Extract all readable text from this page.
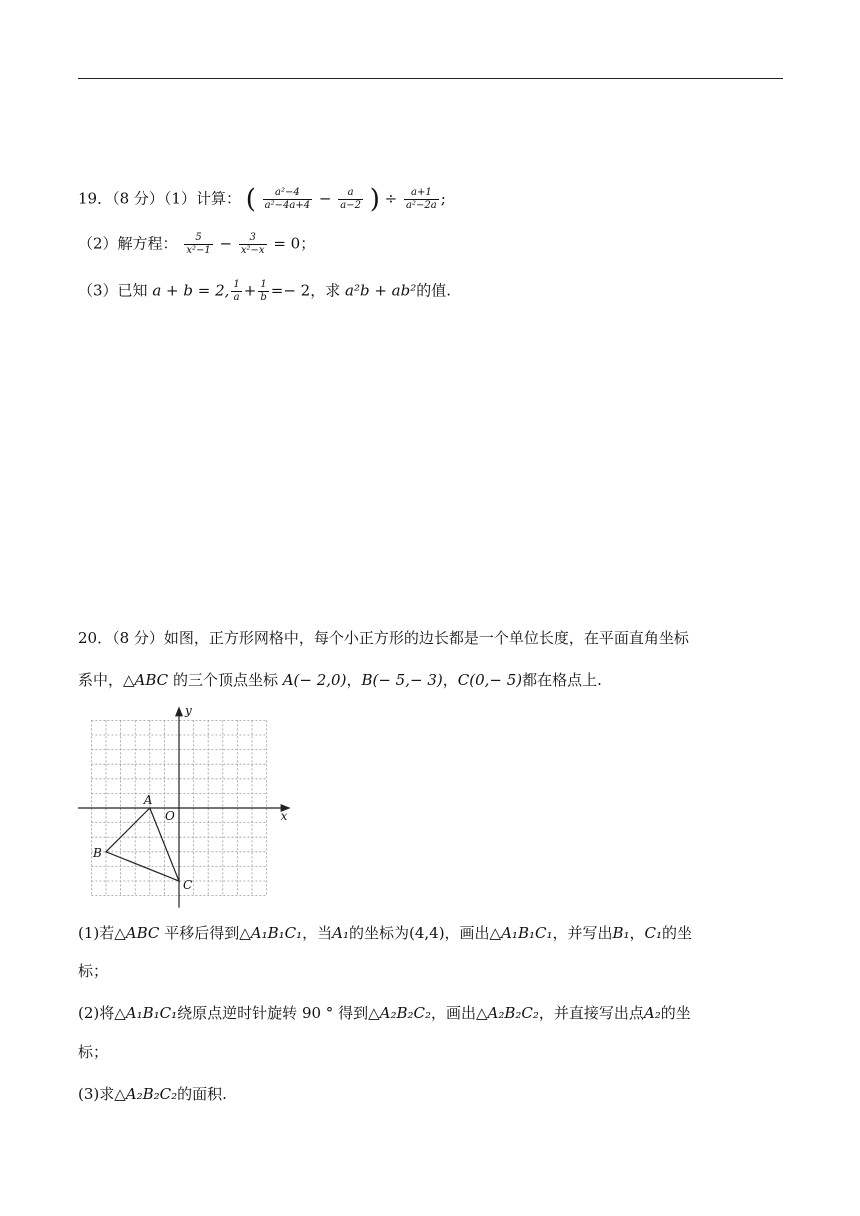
19．（8 分）（1）计算： ( $\frac{\text{a²−4}}{\text{a²−4a+4}} - \frac{a}{a-2}$ ) ÷ $\frac{a+1}{\text{a²−2a}}$ ;
（2）解方程： $\frac{5}{\text{x²−1}} - \frac{3}{\text{x²−x}} = 0$；
（3）已知 a + b = 2, $\frac{1}{a} + \frac{1}{b} =- 2$，求 a²b + ab²的值.
20．（8 分）如图，正方形网格中，每个小正方形的边长都是一个单位长度，在平面直角坐标
系中，△ABC 的三个顶点坐标 A(− 2,0)，B(− 5,− 3)，C(0,− 5)都在格点上.
A
B
C
O	x
y
(1)若△ABC 平移后得到△A₁B₁C₁，当A₁的坐标为(4,4)，画出△A₁B₁C₁，并写出B₁，C₁的坐
标；
(2)将△A₁B₁C₁绕原点逆时针旋转 90 ° 得到△A₂B₂C₂，画出△A₂B₂C₂，并直接写出点A₂的坐
标；
(3)求△A₂B₂C₂的面积.
